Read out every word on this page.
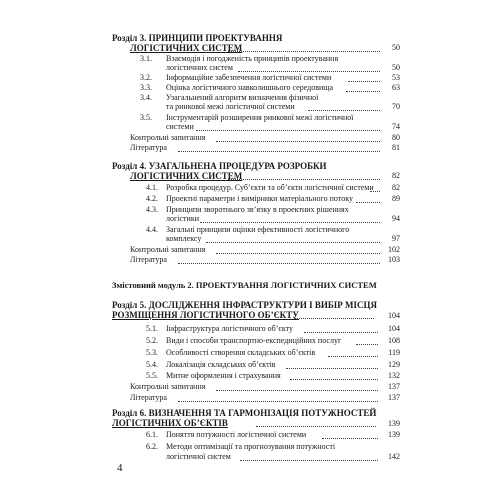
Розділ 3. ПРИНЦИПИ ПРОЕКТУВАННЯ
ЛОГІСТИЧНИХ СИСТЕМ	50
3.1. Взаємодія і погодженість принципів проектування
логістичних систем	50
3.2. Інформаційне забезпечення логістичної системи	53
3.3. Оцінка логістичного навколишнього середовища	63
3.4. Узагальнений алгоритм визначення фізичної
та ринкової межі логістичної системи	70
3.5. Інструментарій розширення ринкової межі логістичної
системи	74
Контрольні запитання	80
Література	81
Розділ 4. УЗАГАЛЬНЕНА ПРОЦЕДУРА РОЗРОБКИ
ЛОГІСТИЧНИХ СИСТЕМ	82
4.1. Розробка процедур. Суб’єкти та об’єкти логістичної системи	82
4.2. Проектні параметри і вимірники матеріального потоку	89
4.3. Принципи зворотнього зв’язку в проектних рішеннях
логістики	94
4.4. Загальні принципи оцінки ефективності логістичного
комплексу	97
Контрольні запитання	102
Література	103
Змістовний модуль 2. ПРОЕКТУВАННЯ ЛОГІСТИЧНИХ СИСТЕМ
Розділ 5. ДОСЛІДЖЕННЯ ІНФРАСТРУКТУРИ І ВИБІР МІСЦЯ
РОЗМІЩЕННЯ ЛОГІСТИЧНОГО ОБ’ЄКТУ	104
5.1. Інфраструктура логістичного об’єкту	104
5.2. Види і способи транспортно-експедиційних послуг	108
5.3. Особливості створення складських об’єктів	119
5.4. Локалізація складських об’єктів	129
5.5. Митне оформлення і страхування	132
Контрольні запитання	137
Література	137
Розділ 6. ВИЗНАЧЕННЯ ТА ГАРМОНІЗАЦІЯ ПОТУЖНОСТЕЙ
ЛОГІСТИЧНИХ ОБ’ЄКТІВ	139
6.1. Поняття потужності логістичної системи	139
6.2. Методи оптимізації та прогнозування потужності
логістичної систем	142
4
